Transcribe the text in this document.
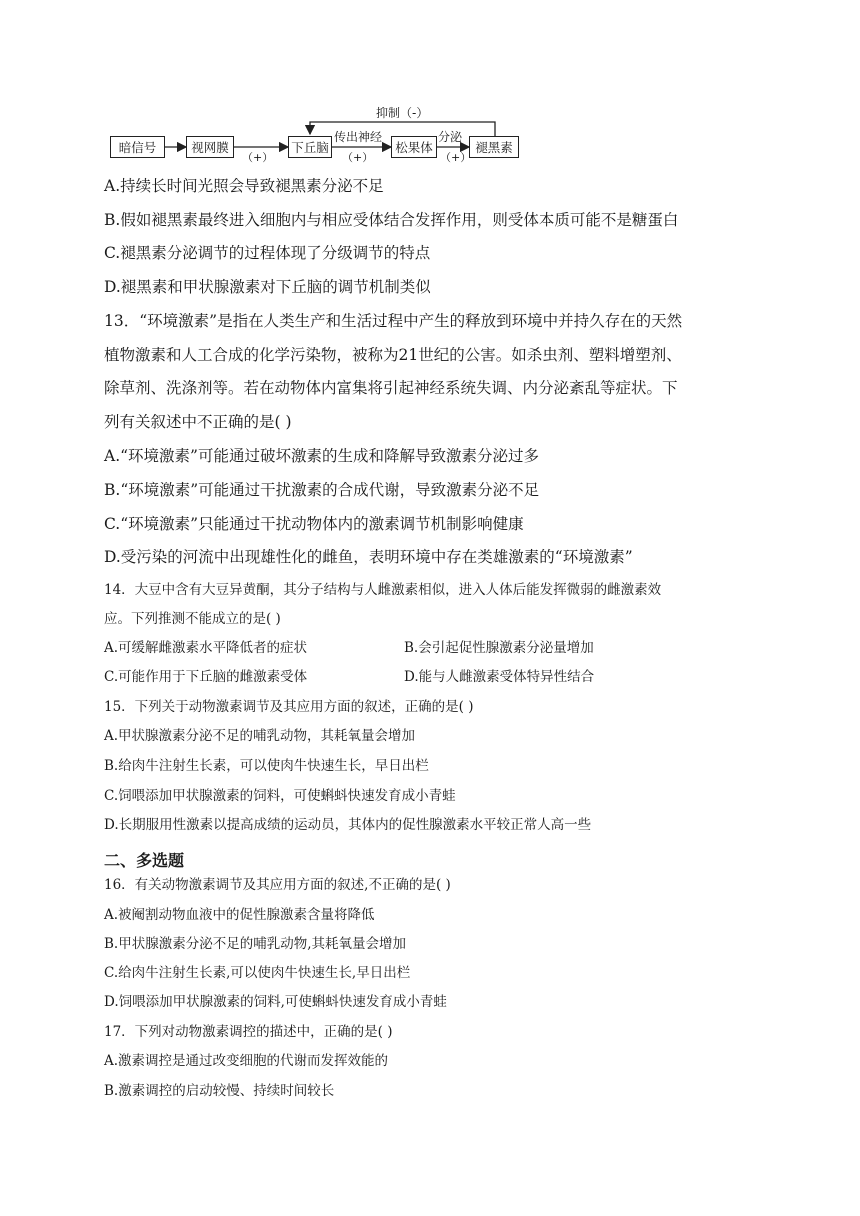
暗信号	视网膜	下丘脑	松果体	褪黑素
抑制（-）
传出神经	分泌
（+）	（+）	（+）
A.持续长时间光照会导致褪黑素分泌不足
B.假如褪黑素最终进入细胞内与相应受体结合发挥作用，则受体本质可能不是糖蛋白
C.褪黑素分泌调节的过程体现了分级调节的特点
D.褪黑素和甲状腺激素对下丘脑的调节机制类似
13．“环境激素”是指在人类生产和生活过程中产生的释放到环境中并持久存在的天然
植物激素和人工合成的化学污染物，被称为21世纪的公害。如杀虫剂、塑料增塑剂、
除草剂、洗涤剂等。若在动物体内富集将引起神经系统失调、内分泌紊乱等症状。下
列有关叙述中不正确的是( )
A.“环境激素”可能通过破坏激素的生成和降解导致激素分泌过多
B.“环境激素”可能通过干扰激素的合成代谢，导致激素分泌不足
C.“环境激素”只能通过干扰动物体内的激素调节机制影响健康
D.受污染的河流中出现雄性化的雌鱼，表明环境中存在类雄激素的“环境激素”
14．大豆中含有大豆异黄酮，其分子结构与人雌激素相似，进入人体后能发挥微弱的雌激素效
应。下列推测不能成立的是( )
A.可缓解雌激素水平降低者的症状	B.会引起促性腺激素分泌量增加
C.可能作用于下丘脑的雌激素受体	D.能与人雌激素受体特异性结合
15．下列关于动物激素调节及其应用方面的叙述，正确的是( )
A.甲状腺激素分泌不足的哺乳动物，其耗氧量会增加
B.给肉牛注射生长素，可以使肉牛快速生长，早日出栏
C.饲喂添加甲状腺激素的饲料，可使蝌蚪快速发育成小青蛙
D.长期服用性激素以提高成绩的运动员，其体内的促性腺激素水平较正常人高一些
二、多选题
16．有关动物激素调节及其应用方面的叙述,不正确的是( )
A.被阉割动物血液中的促性腺激素含量将降低
B.甲状腺激素分泌不足的哺乳动物,其耗氧量会增加
C.给肉牛注射生长素,可以使肉牛快速生长,早日出栏
D.饲喂添加甲状腺激素的饲料,可使蝌蚪快速发育成小青蛙
17．下列对动物激素调控的描述中，正确的是( )
A.激素调控是通过改变细胞的代谢而发挥效能的
B.激素调控的启动较慢、持续时间较长
